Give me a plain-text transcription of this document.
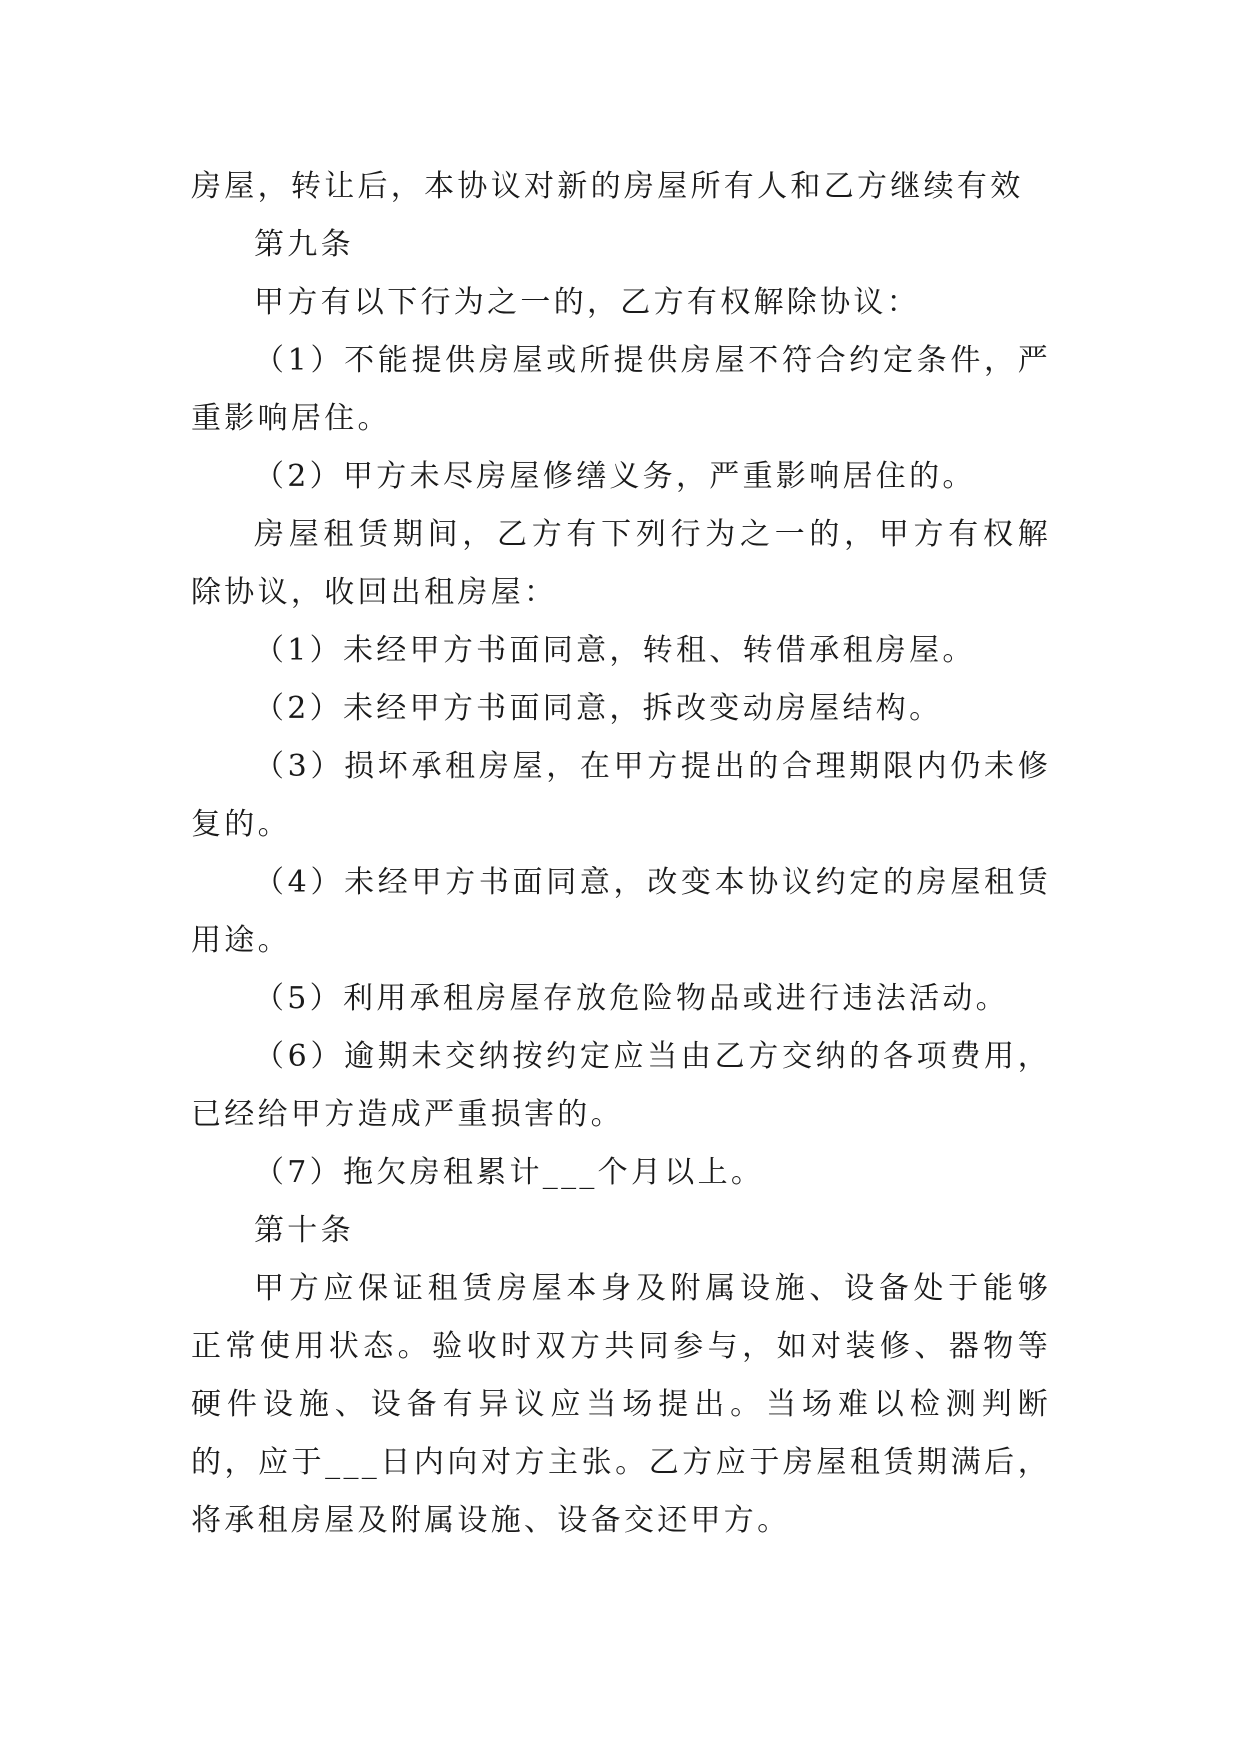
房屋，转让后，本协议对新的房屋所有人和乙方继续有效

第九条

甲方有以下行为之一的，乙方有权解除协议：

（1）不能提供房屋或所提供房屋不符合约定条件，严重影响居住。

（2）甲方未尽房屋修缮义务，严重影响居住的。

房屋租赁期间，乙方有下列行为之一的，甲方有权解除协议，收回出租房屋：

（1）未经甲方书面同意，转租、转借承租房屋。

（2）未经甲方书面同意，拆改变动房屋结构。

（3）损坏承租房屋，在甲方提出的合理期限内仍未修复的。

（4）未经甲方书面同意，改变本协议约定的房屋租赁用途。

（5）利用承租房屋存放危险物品或进行违法活动。

（6）逾期未交纳按约定应当由乙方交纳的各项费用，已经给甲方造成严重损害的。

（7）拖欠房租累计___个月以上。

第十条

甲方应保证租赁房屋本身及附属设施、设备处于能够正常使用状态。验收时双方共同参与，如对装修、器物等硬件设施、设备有异议应当场提出。当场难以检测判断的，应于___日内向对方主张。乙方应于房屋租赁期满后，将承租房屋及附属设施、设备交还甲方。
